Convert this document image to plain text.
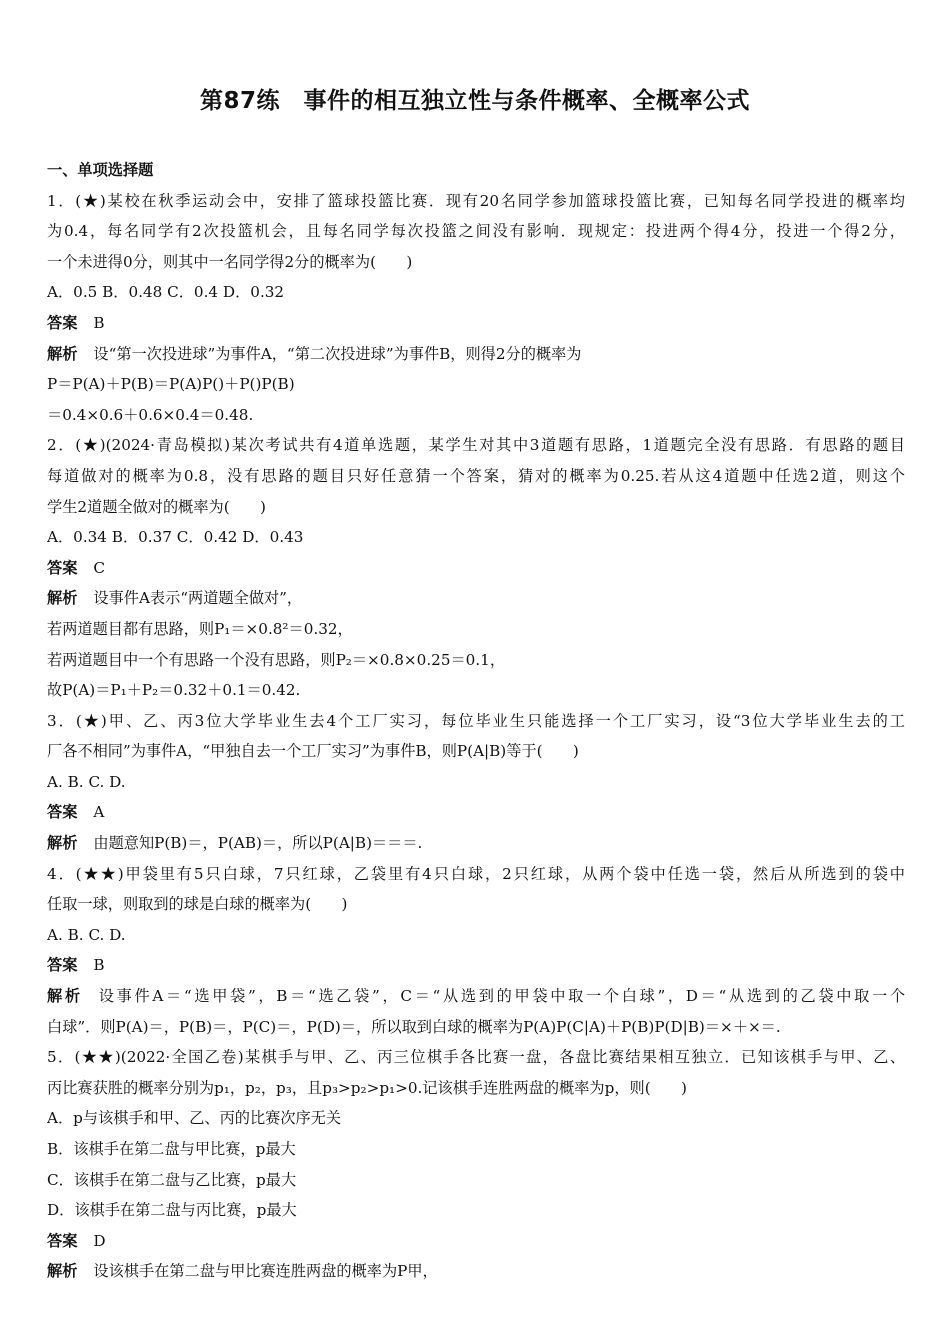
第87练　事件的相互独立性与条件概率、全概率公式
一、单项选择题
1．(★)某校在秋季运动会中，安排了篮球投篮比赛．现有20名同学参加篮球投篮比赛，已知每名同学投进的概率均
为0.4，每名同学有2次投篮机会，且每名同学每次投篮之间没有影响．现规定：投进两个得4分，投进一个得2分，
一个未进得0分，则其中一名同学得2分的概率为(　　)
A．0.5 B．0.48 C．0.4 D．0.32
答案 B
解析 设“第一次投进球”为事件A，“第二次投进球”为事件B，则得2分的概率为
P＝P(A)＋P(B)＝P(A)P()＋P()P(B)
＝0.4×0.6＋0.6×0.4＝0.48.
2．(★)(2024·青岛模拟)某次考试共有4道单选题，某学生对其中3道题有思路，1道题完全没有思路．有思路的题目
每道做对的概率为0.8，没有思路的题目只好任意猜一个答案，猜对的概率为0.25.若从这4道题中任选2道，则这个
学生2道题全做对的概率为(　　)
A．0.34 B．0.37 C．0.42 D．0.43
答案 C
解析 设事件A表示“两道题全做对”，
若两道题目都有思路，则P₁＝×0.8²＝0.32，
若两道题目中一个有思路一个没有思路，则P₂＝×0.8×0.25＝0.1，
故P(A)＝P₁＋P₂＝0.32＋0.1＝0.42.
3．(★)甲、乙、丙3位大学毕业生去4个工厂实习，每位毕业生只能选择一个工厂实习，设“3位大学毕业生去的工
厂各不相同”为事件A，“甲独自去一个工厂实习”为事件B，则P(A|B)等于(　　)
A. B. C. D.
答案 A
解析 由题意知P(B)＝，P(AB)＝，所以P(A|B)＝＝＝.
4．(★★)甲袋里有5只白球，7只红球，乙袋里有4只白球，2只红球，从两个袋中任选一袋，然后从所选到的袋中
任取一球，则取到的球是白球的概率为(　　)
A. B. C. D.
答案 B
解析 设事件A＝“选甲袋”，B＝“选乙袋”，C＝“从选到的甲袋中取一个白球”，D＝“从选到的乙袋中取一个
白球”．则P(A)＝，P(B)＝，P(C)＝，P(D)＝，所以取到白球的概率为P(A)P(C|A)＋P(B)P(D|B)＝×＋×＝.
5．(★★)(2022·全国乙卷)某棋手与甲、乙、丙三位棋手各比赛一盘，各盘比赛结果相互独立．已知该棋手与甲、乙、
丙比赛获胜的概率分别为p₁，p₂，p₃，且p₃>p₂>p₁>0.记该棋手连胜两盘的概率为p，则(　　)
A．p与该棋手和甲、乙、丙的比赛次序无关
B．该棋手在第二盘与甲比赛，p最大
C．该棋手在第二盘与乙比赛，p最大
D．该棋手在第二盘与丙比赛，p最大
答案 D
解析 设该棋手在第二盘与甲比赛连胜两盘的概率为P甲，
